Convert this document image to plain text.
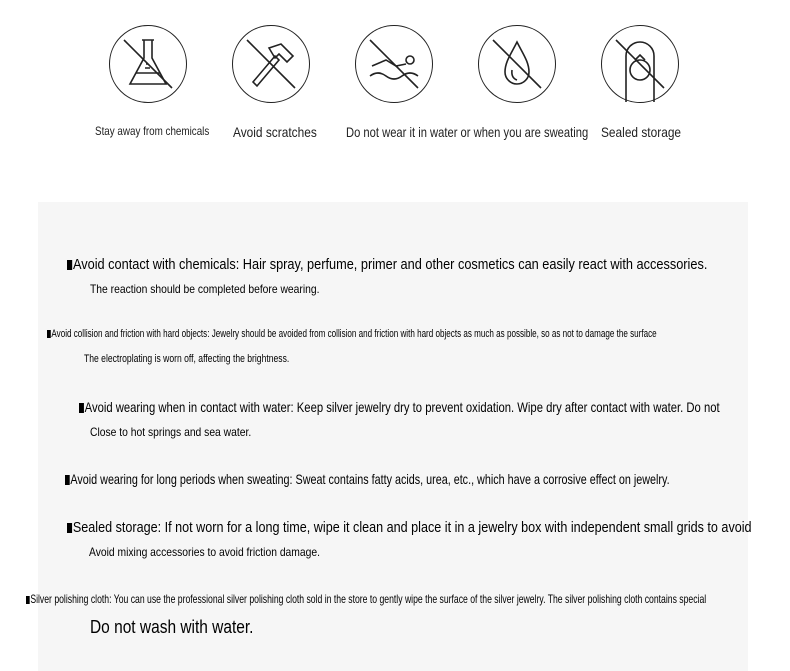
Stay away from chemicals Avoid scratches Do not wear it in water or when you are sweating Sealed storage
Avoid contact with chemicals: Hair spray, perfume, primer and other cosmetics can easily react with accessories.
The reaction should be completed before wearing.
Avoid collision and friction with hard objects: Jewelry should be avoided from collision and friction with hard objects as much as possible, so as not to damage the surface
The electroplating is worn off, affecting the brightness.
Avoid wearing when in contact with water: Keep silver jewelry dry to prevent oxidation. Wipe dry after contact with water. Do not
Close to hot springs and sea water.
Avoid wearing for long periods when sweating: Sweat contains fatty acids, urea, etc., which have a corrosive effect on jewelry.
Sealed storage: If not worn for a long time, wipe it clean and place it in a jewelry box with independent small grids to avoid
Avoid mixing accessories to avoid friction damage.
Silver polishing cloth: You can use the professional silver polishing cloth sold in the store to gently wipe the surface of the silver jewelry. The silver polishing cloth contains special
Do not wash with water.
